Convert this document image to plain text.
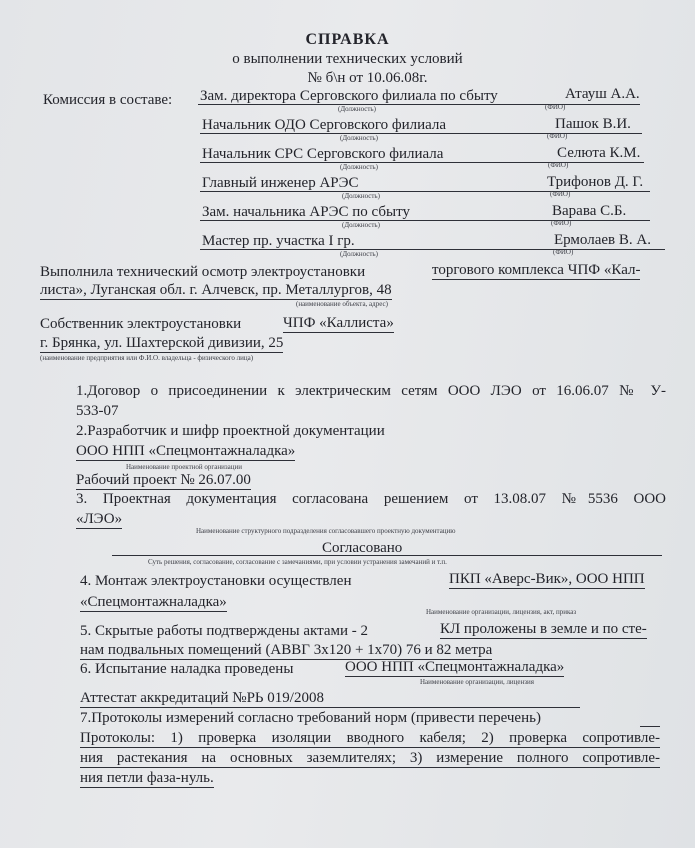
СПРАВКА
о выполнении технических условий
№ б\н от 10.06.08г.
Комиссия в составе: Зам. директора Серговского филиала по сбыту	Атауш А.А.
(Должность)	(ФИО)
Начальник ОДО Серговского филиала	Пашок В.И.
(Должность)	(ФИО)
Начальник СРС Серговского филиала	Селюта К.М.
(Должность)	(ФИО)
Главный инженер АРЭС	Трифонов Д. Г.
(Должность)	(ФИО)
Зам. начальника АРЭС по сбыту	Варава С.Б.
(Должность)	(ФИО)
Мастер пр. участка I гр.	Ермолаев В. А.
(Должность)	(ФИО)
Выполнила технический осмотр электроустановки	торгового комплекса ЧПФ «Кал-
листа», Луганская обл. г. Алчевск, пр. Металлургов, 48
(наименование объекта, адрес)
Собственник электроустановки	ЧПФ «Каллиста»
г. Брянка, ул. Шахтерской дивизии, 25
(наименование предприятия или Ф.И.О. владельца - физического лица)
1.Договор о присоединении к электрическим сетям ООО ЛЭО от 16.06.07 № У-
533-07
2.Разработчик и шифр проектной документации
ООО НПП «Спецмонтажналадка»
Наименование проектной организации
Рабочий проект № 26.07.00
3. Проектная документация согласована решением от 13.08.07 №5536 ООО
«ЛЭО»
Наименование структурного подразделения согласовавшего проектную документацию
Согласовано
Суть решения, согласование, согласование с замечаниями, при условии устранения замечаний и т.п.
4. Монтаж электроустановки осуществлен	ПКП «Аверс-Вик», ООО НПП
«Спецмонтажналадка»
Наименование организации, лицензия, акт, приказ
5. Скрытые работы подтверждены актами - 2	КЛ проложены в земле и по сте-
нам подвальных помещений (АВВГ 3х120 + 1х70) 76 и 82 метра
6. Испытание наладка проведены	ООО НПП «Спецмонтажналадка»
Наименование организации, лицензия
Аттестат аккредитаций №РЬ 019/2008
7.Протоколы измерений согласно требований норм (привести перечень)
Протоколы: 1) проверка изоляции вводного кабеля; 2) проверка сопротивле-
ния растекания на основных заземлителях; 3) измерение полного сопротивле-
ния петли фаза-нуль.
